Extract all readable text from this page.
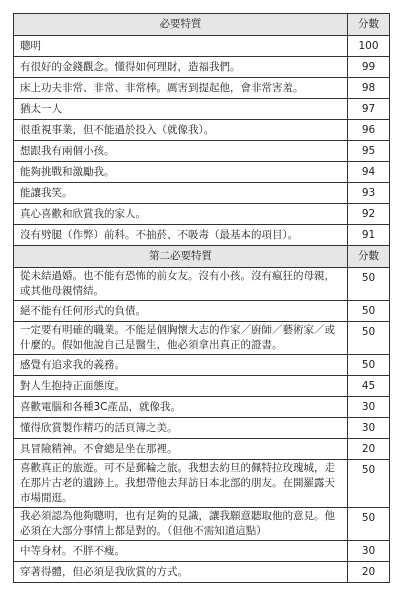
必要特質	分數
聰明	100
有很好的金錢觀念。懂得如何理財，造福我們。	99
床上功夫非常、非常、非常棒。厲害到提起他，會非常害羞。	98
猶太一人	97
很重視事業，但不能過於投入（就像我）。	96
想跟我有兩個小孩。	95
能夠挑戰和激勵我。	94
能讓我笑。	93
真心喜歡和欣賞我的家人。	92
沒有劈腿（作弊）前科。不抽菸、不吸毒（最基本的項目）。	91
第二必要特質	分數
從未結過婚。也不能有恐怖的前女友。沒有小孩。沒有瘋狂的母親，或其他母親情結。	50
絕不能有任何形式的負債。	50
一定要有明確的職業。不能是個胸懷大志的作家／廚師／藝術家／或什麼的。假如他說自己是醫生，他必須拿出真正的證書。	50
感覺有追求我的義務。	50
對人生抱持正面態度。	45
喜歡電腦和各種3C產品，就像我。	30
懂得欣賞製作精巧的活頁簿之美。	30
具冒險精神。不會總是坐在那裡。	20
喜歡真正的旅遊。可不是郵輪之旅。我想去約旦的佩特拉玫瑰城，走在那片古老的遺跡上。我想帶他去拜訪日本北部的朋友。在開羅露天市場閒逛。	50
我必須認為他夠聰明，也有足夠的見識，讓我願意聽取他的意見。他必須在大部分事情上都是對的。（但他不需知道這點）	50
中等身材。不胖不瘦。	30
穿著得體，但必須是我欣賞的方式。	20
